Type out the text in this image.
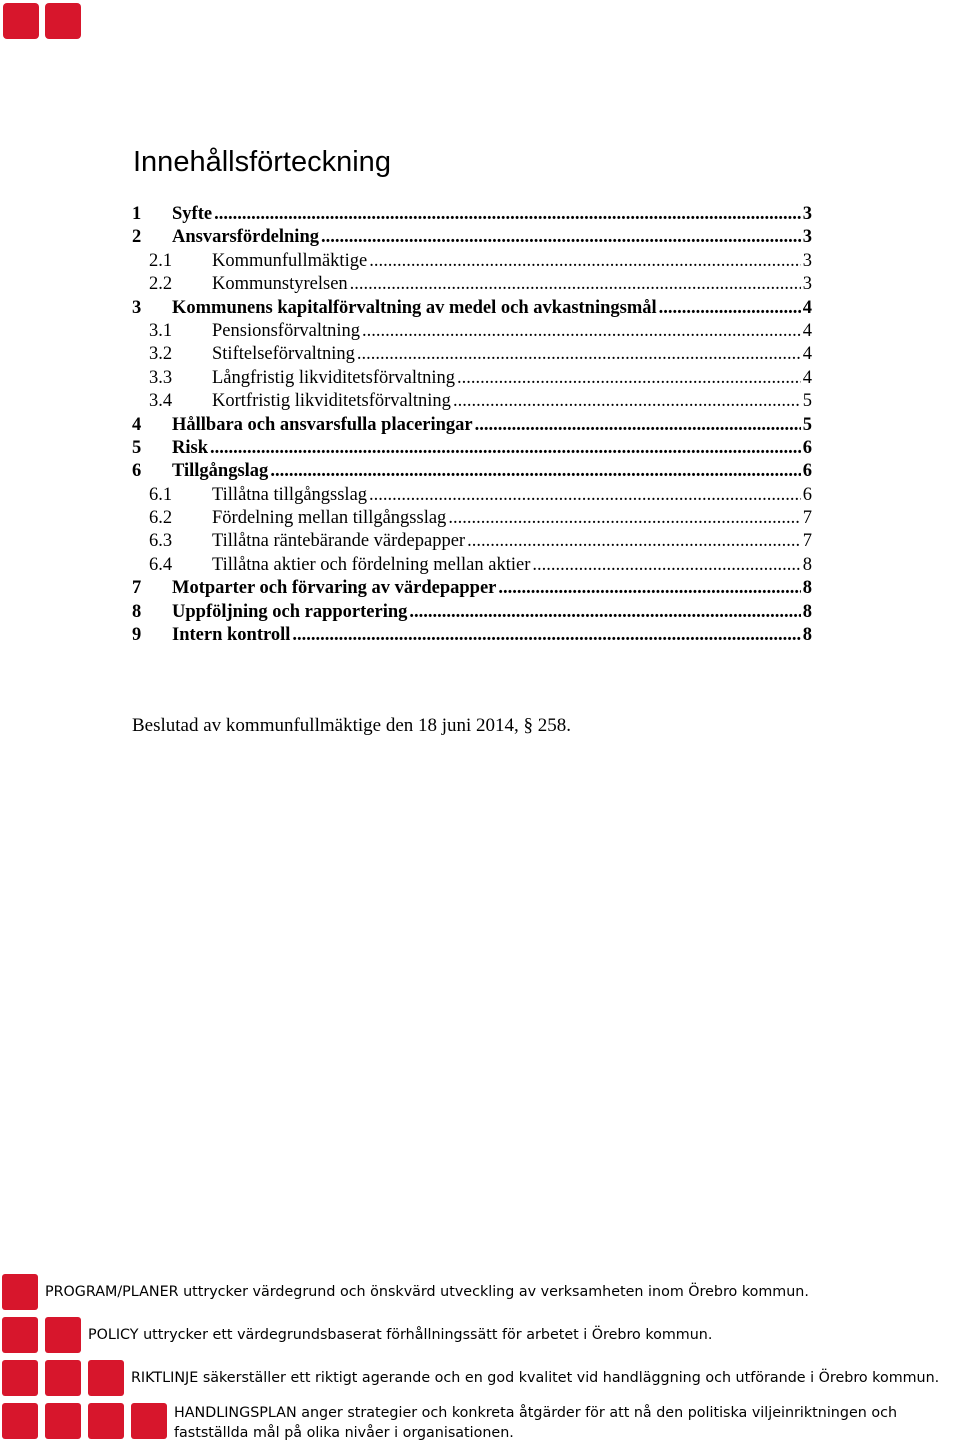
Innehållsförteckning
1	Syfte .....	3
2	Ansvarsfördelning .....	3
2.1	Kommunfullmäktige .....	3
2.2	Kommunstyrelsen .....	3
3	Kommunens kapitalförvaltning av medel och avkastningsmål .....	4
3.1	Pensionsförvaltning .....	4
3.2	Stiftelseförvaltning .....	4
3.3	Långfristig likviditetsförvaltning .....	4
3.4	Kortfristig likviditetsförvaltning .....	5
4	Hållbara och ansvarsfulla placeringar .....	5
5	Risk .....	6
6	Tillgångslag .....	6
6.1	Tillåtna tillgångsslag .....	6
6.2	Fördelning mellan tillgångsslag .....	7
6.3	Tillåtna räntebärande värdepapper .....	7
6.4	Tillåtna aktier och fördelning mellan aktier .....	8
7	Motparter och förvaring av värdepapper .....	8
8	Uppföljning och rapportering .....	8
9	Intern kontroll .....	8

Beslutad av kommunfullmäktige den 18 juni 2014, § 258.

PROGRAM/PLANER uttrycker värdegrund och önskvärd utveckling av verksamheten inom Örebro kommun.
POLICY uttrycker ett värdegrundsbaserat förhållningssätt för arbetet i Örebro kommun.
RIKTLINJE säkerställer ett riktigt agerande och en god kvalitet vid handläggning och utförande i Örebro kommun.
HANDLINGSPLAN anger strategier och konkreta åtgärder för att nå den politiska viljeinriktningen och
fastställda mål på olika nivåer i organisationen.
